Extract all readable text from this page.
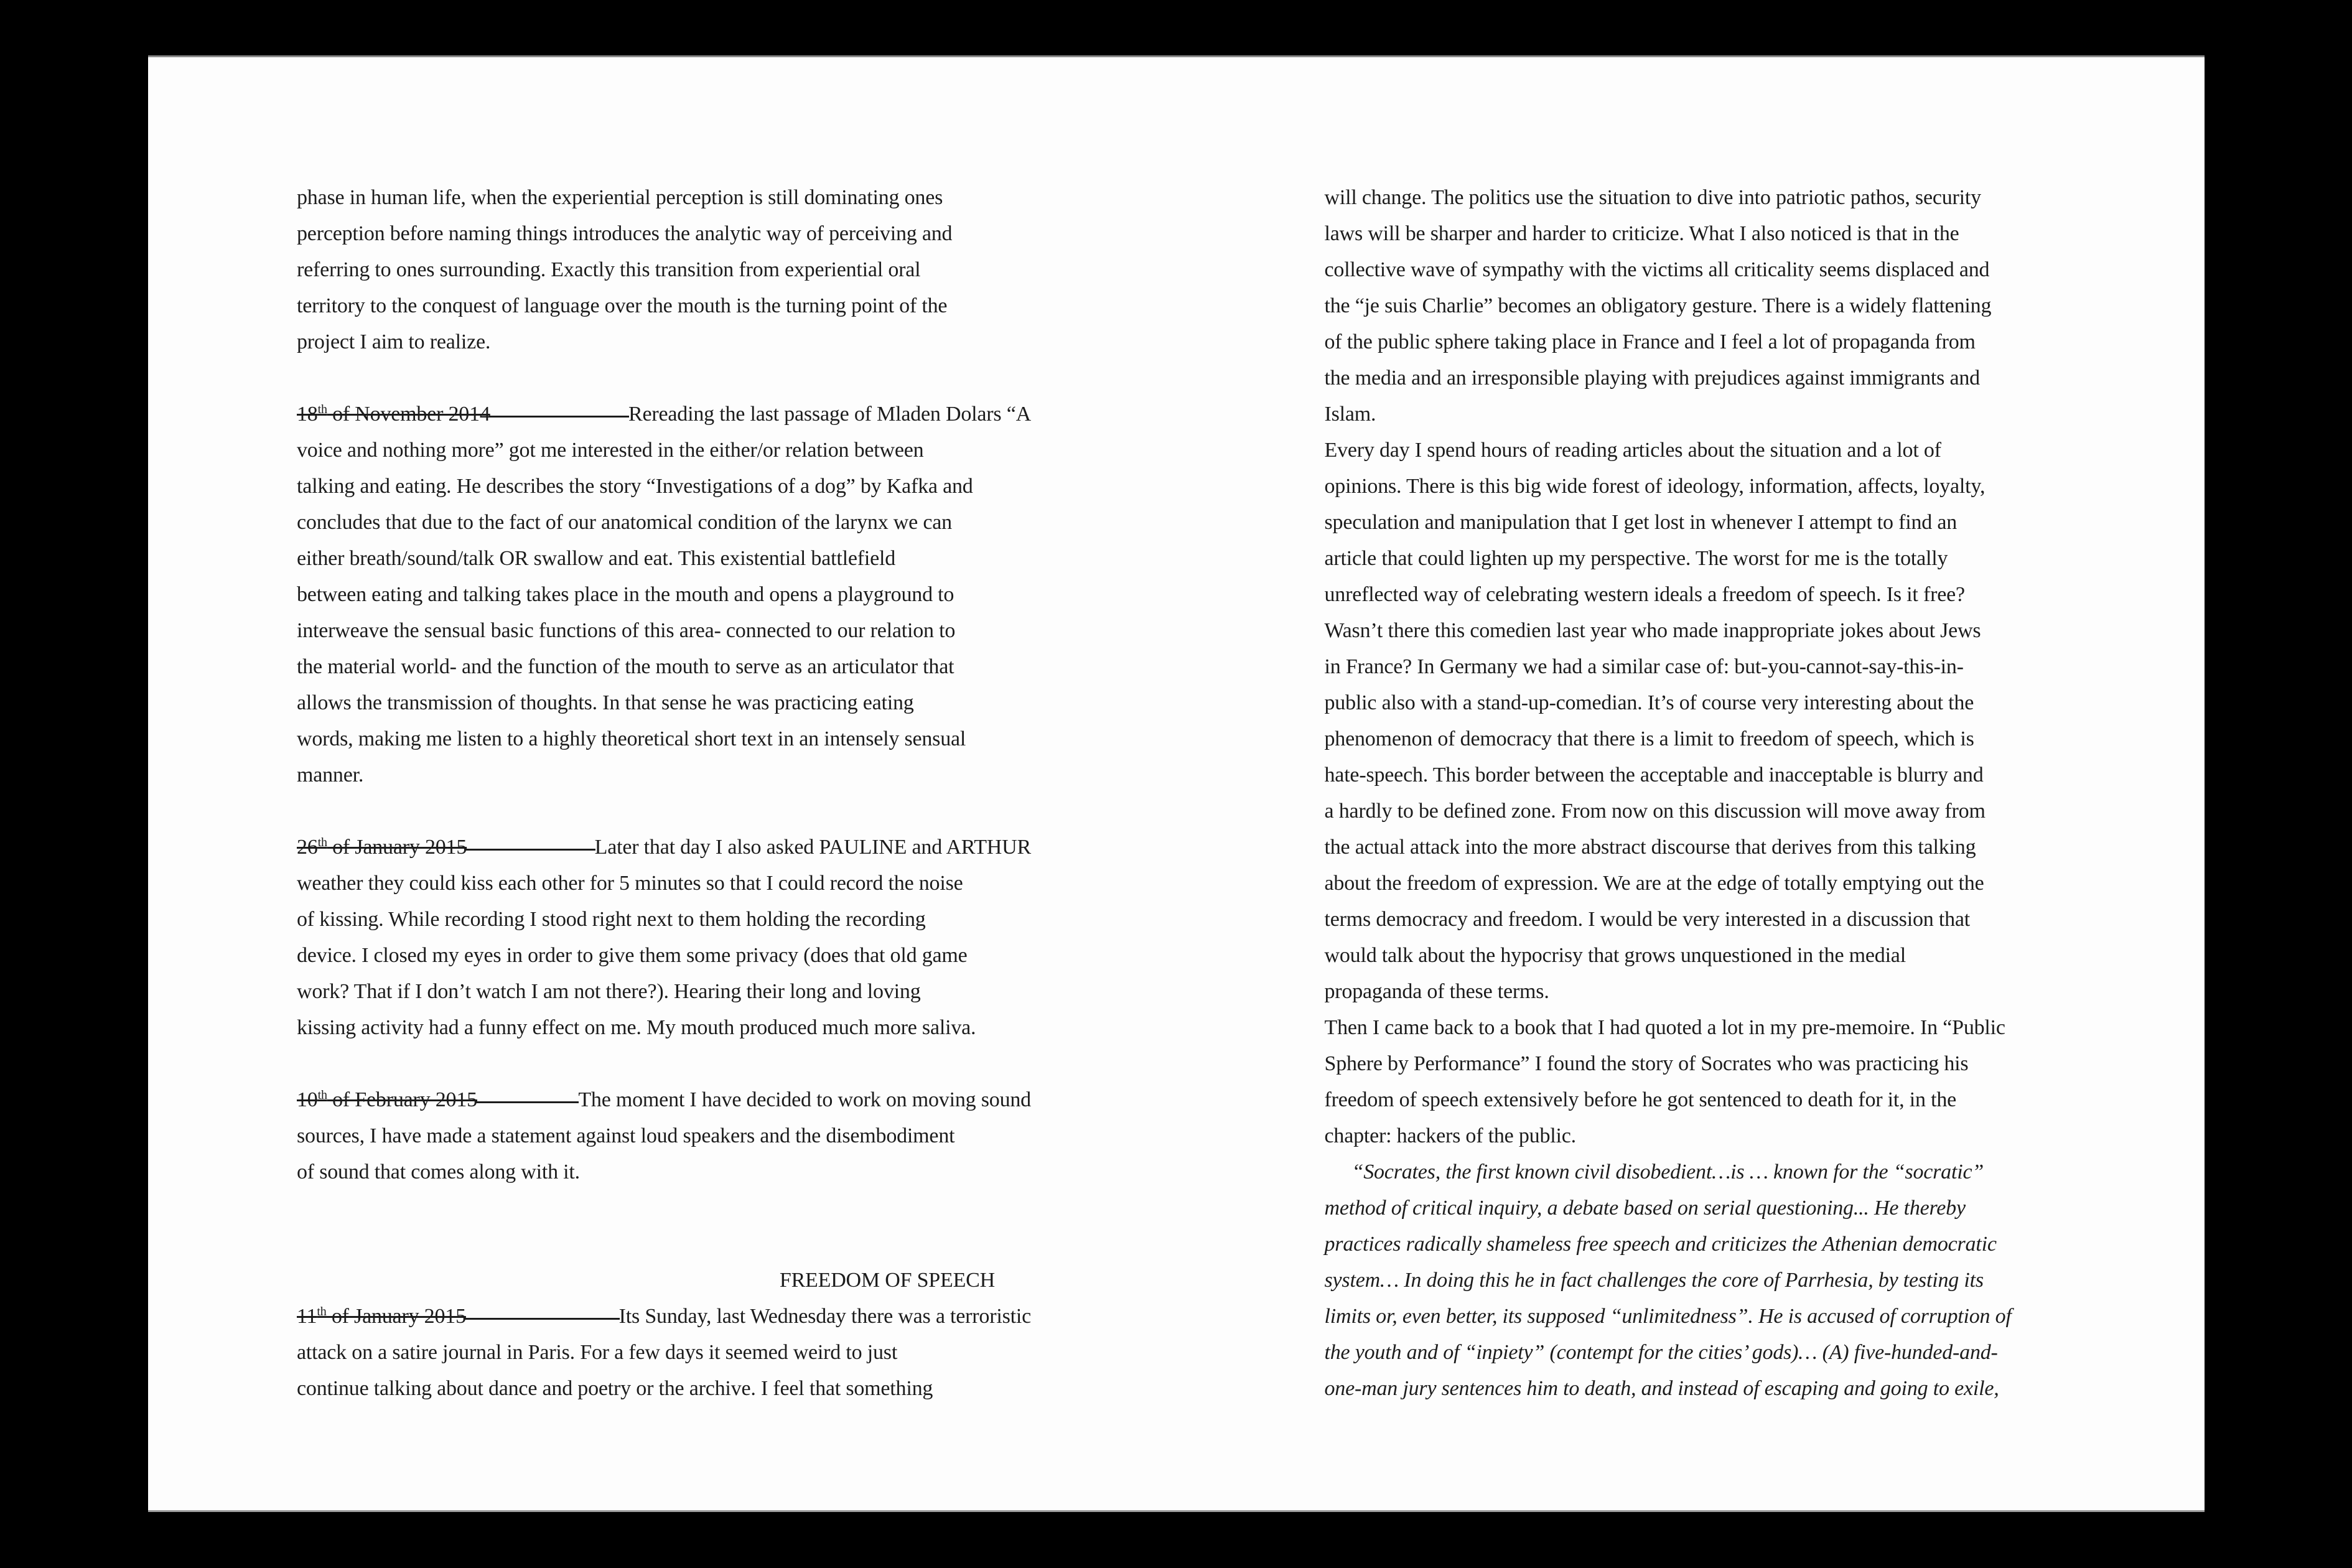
phase in human life, when the experiential perception is still dominating ones
perception before naming things introduces the analytic way of perceiving and
referring to ones surrounding. Exactly this transition from experiential oral
territory to the conquest of language over the mouth is the turning point of the
project I aim to realize.
18th of November 2014	Rereading the last passage of Mladen Dolars “A
voice and nothing more” got me interested in the either/or relation between
talking and eating. He describes the story “Investigations of a dog” by Kafka and
concludes that due to the fact of our anatomical condition of the larynx we can
either breath/sound/talk OR swallow and eat. This existential battlefield
between eating and talking takes place in the mouth and opens a playground to
interweave the sensual basic functions of this area- connected to our relation to
the material world- and the function of the mouth to serve as an articulator that
allows the transmission of thoughts. In that sense he was practicing eating
words, making me listen to a highly theoretical short text in an intensely sensual
manner.
26th of January 2015	Later that day I also asked PAULINE and ARTHUR
weather they could kiss each other for 5 minutes so that I could record the noise
of kissing. While recording I stood right next to them holding the recording
device. I closed my eyes in order to give them some privacy (does that old game
work? That if I don’t watch I am not there?). Hearing their long and loving
kissing activity had a funny effect on me. My mouth produced much more saliva.
10th of February 2015	The moment I have decided to work on moving sound
sources, I have made a statement against loud speakers and the disembodiment
of sound that comes along with it.
FREEDOM OF SPEECH
11th of January 2015	Its Sunday, last Wednesday there was a terroristic
attack on a satire journal in Paris. For a few days it seemed weird to just
continue talking about dance and poetry or the archive. I feel that something
will change. The politics use the situation to dive into patriotic pathos, security
laws will be sharper and harder to criticize. What I also noticed is that in the
collective wave of sympathy with the victims all criticality seems displaced and
the “je suis Charlie” becomes an obligatory gesture. There is a widely flattening
of the public sphere taking place in France and I feel a lot of propaganda from
the media and an irresponsible playing with prejudices against immigrants and
Islam.
Every day I spend hours of reading articles about the situation and a lot of
opinions. There is this big wide forest of ideology, information, affects, loyalty,
speculation and manipulation that I get lost in whenever I attempt to find an
article that could lighten up my perspective. The worst for me is the totally
unreflected way of celebrating western ideals a freedom of speech. Is it free?
Wasn’t there this comedien last year who made inappropriate jokes about Jews
in France? In Germany we had a similar case of: but-you-cannot-say-this-in-
public also with a stand-up-comedian. It’s of course very interesting about the
phenomenon of democracy that there is a limit to freedom of speech, which is
hate-speech. This border between the acceptable and inacceptable is blurry and
a hardly to be defined zone. From now on this discussion will move away from
the actual attack into the more abstract discourse that derives from this talking
about the freedom of expression. We are at the edge of totally emptying out the
terms democracy and freedom. I would be very interested in a discussion that
would talk about the hypocrisy that grows unquestioned in the medial
propaganda of these terms.
Then I came back to a book that I had quoted a lot in my pre-memoire. In “Public
Sphere by Performance” I found the story of Socrates who was practicing his
freedom of speech extensively before he got sentenced to death for it, in the
chapter: hackers of the public.
“Socrates, the first known civil disobedient…is … known for the “socratic”
method of critical inquiry, a debate based on serial questioning... He thereby
practices radically shameless free speech and criticizes the Athenian democratic
system… In doing this he in fact challenges the core of Parrhesia, by testing its
limits or, even better, its supposed “unlimitedness”. He is accused of corruption of
the youth and of “inpiety” (contempt for the cities’ gods)… (A) five-hunded-and-
one-man jury sentences him to death, and instead of escaping and going to exile,
